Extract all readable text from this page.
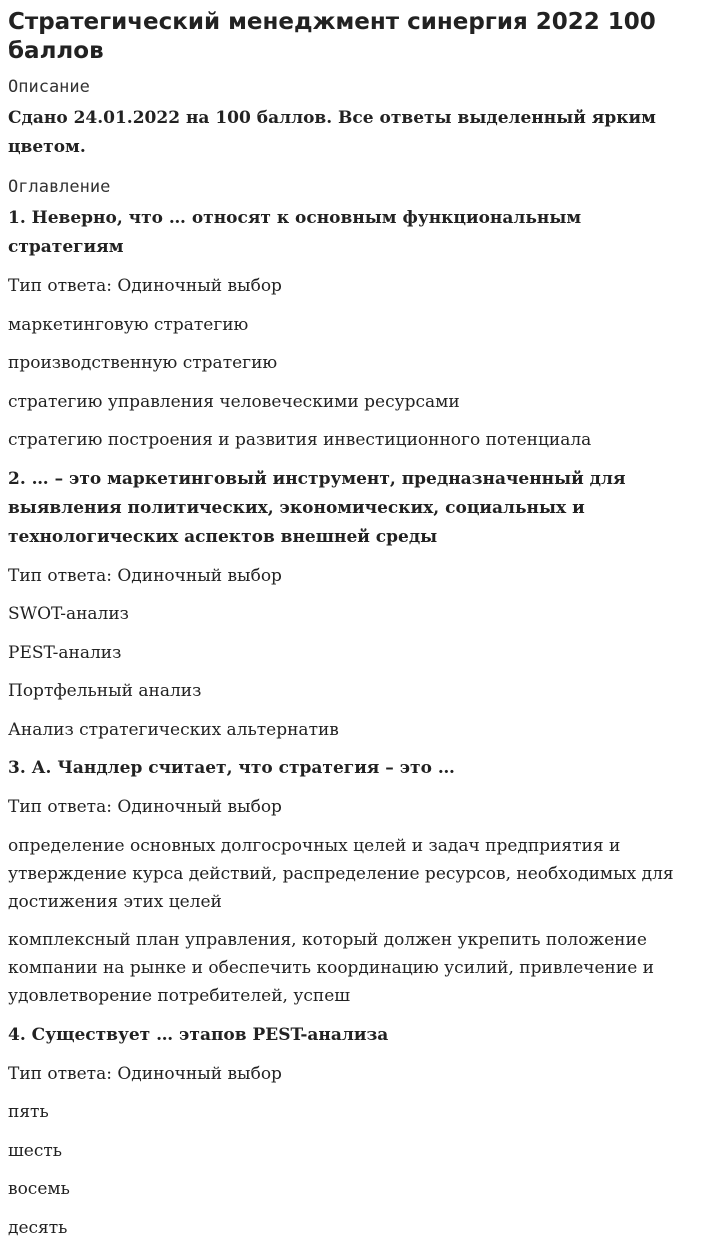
Стратегический менеджмент синергия 2022 100 баллов
Описание
Сдано 24.01.2022 на 100 баллов. Все ответы выделенный ярким цветом.
Оглавление
1. Неверно, что … относят к основным функциональным стратегиям
Тип ответа: Одиночный выбор
маркетинговую стратегию
производственную стратегию
стратегию управления человеческими ресурсами
стратегию построения и развития инвестиционного потенциала
2. … – это маркетинговый инструмент, предназначенный для выявления политических, экономических, социальных и технологических аспектов внешней среды
Тип ответа: Одиночный выбор
SWOT-анализ
PEST-анализ
Портфельный анализ
Анализ стратегических альтернатив
3. А. Чандлер считает, что стратегия – это …
Тип ответа: Одиночный выбор
определение основных долгосрочных целей и задач предприятия и утверждение курса действий, распределение ресурсов, необходимых для достижения этих целей
комплексный план управления, который должен укрепить положение компании на рынке и обеспечить координацию усилий, привлечение и удовлетворение потребителей, успеш
4. Существует … этапов PEST-анализа
Тип ответа: Одиночный выбор
пять
шесть
восемь
десять
